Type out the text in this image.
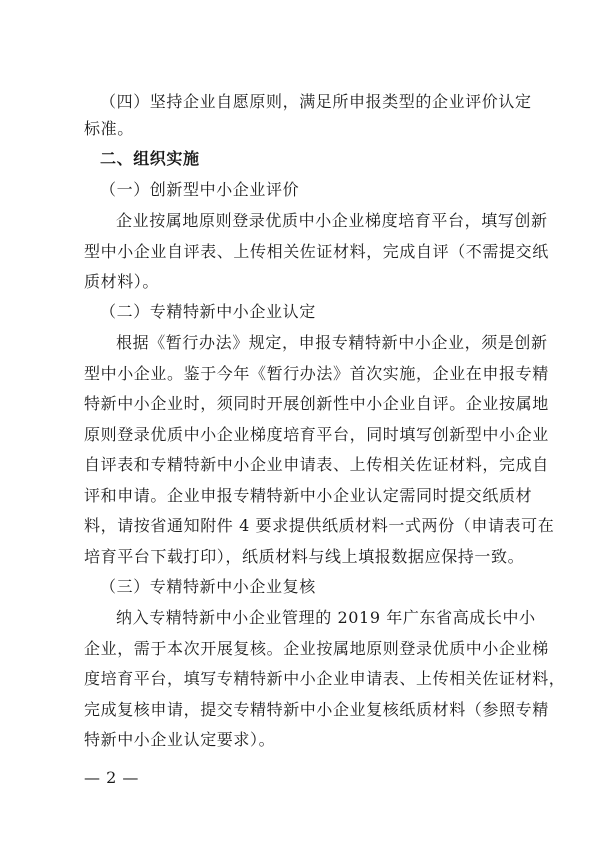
（四）坚持企业自愿原则，满足所申报类型的企业评价认定
标准。
二、组织实施
（一）创新型中小企业评价
企业按属地原则登录优质中小企业梯度培育平台，填写创新
型中小企业自评表、上传相关佐证材料，完成自评（不需提交纸
质材料）。
（二）专精特新中小企业认定
根据《暂行办法》规定，申报专精特新中小企业，须是创新
型中小企业。鉴于今年《暂行办法》首次实施，企业在申报专精
特新中小企业时，须同时开展创新性中小企业自评。企业按属地
原则登录优质中小企业梯度培育平台，同时填写创新型中小企业
自评表和专精特新中小企业申请表、上传相关佐证材料，完成自
评和申请。企业申报专精特新中小企业认定需同时提交纸质材
料，请按省通知附件 4 要求提供纸质材料一式两份（申请表可在
培育平台下载打印），纸质材料与线上填报数据应保持一致。
（三）专精特新中小企业复核
纳入专精特新中小企业管理的 2019 年广东省高成长中小
企业，需于本次开展复核。企业按属地原则登录优质中小企业梯
度培育平台，填写专精特新中小企业申请表、上传相关佐证材料，
完成复核申请，提交专精特新中小企业复核纸质材料（参照专精
特新中小企业认定要求）。
— 2 —
